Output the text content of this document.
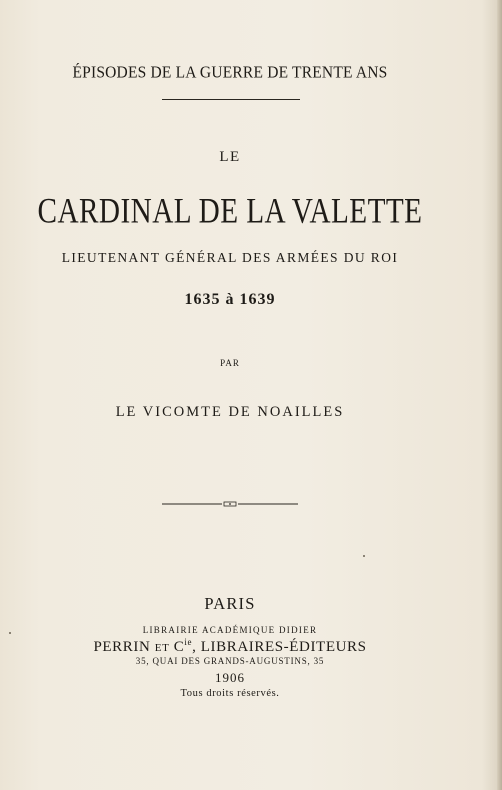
ÉPISODES DE LA GUERRE DE TRENTE ANS
LE
CARDINAL DE LA VALETTE
LIEUTENANT GÉNÉRAL DES ARMÉES DU ROI
1635 à 1639
PAR
LE VICOMTE DE NOAILLES
PARIS
LIBRAIRIE ACADÉMIQUE DIDIER
PERRIN ET $C^{ie}$, LIBRAIRES-ÉDITEURS
35, QUAI DES GRANDS-AUGUSTINS, 35
1906
Tous droits réservés.
